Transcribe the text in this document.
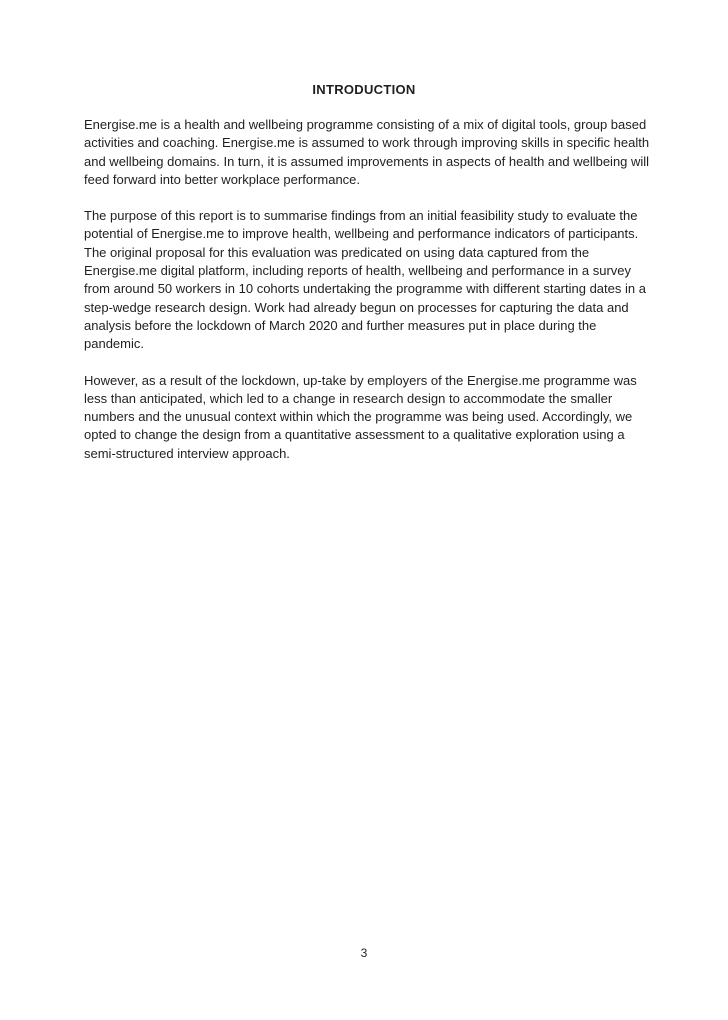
INTRODUCTION

Energise.me is a health and wellbeing programme consisting of a mix of digital tools, group based activities and coaching. Energise.me is assumed to work through improving skills in specific health and wellbeing domains. In turn, it is assumed improvements in aspects of health and wellbeing will feed forward into better workplace performance.

The purpose of this report is to summarise findings from an initial feasibility study to evaluate the potential of Energise.me to improve health, wellbeing and performance indicators of participants. The original proposal for this evaluation was predicated on using data captured from the Energise.me digital platform, including reports of health, wellbeing and performance in a survey from around 50 workers in 10 cohorts undertaking the programme with different starting dates in a step-wedge research design. Work had already begun on processes for capturing the data and analysis before the lockdown of March 2020 and further measures put in place during the pandemic.

However, as a result of the lockdown, up-take by employers of the Energise.me programme was less than anticipated, which led to a change in research design to accommodate the smaller numbers and the unusual context within which the programme was being used. Accordingly, we opted to change the design from a quantitative assessment to a qualitative exploration using a semi-structured interview approach.

3
